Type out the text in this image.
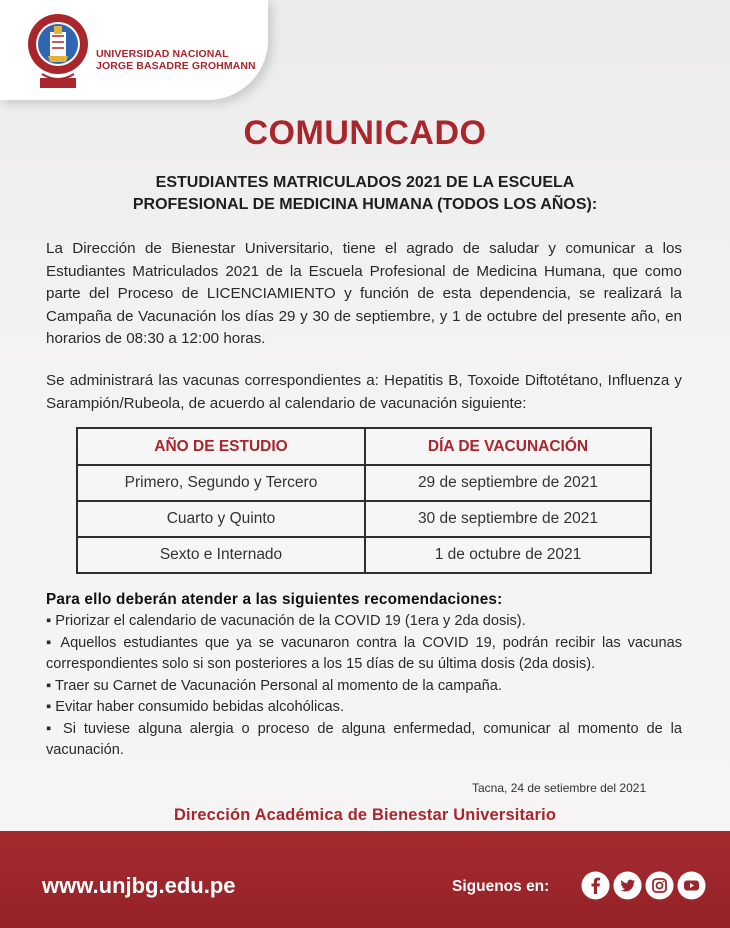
UNIVERSIDAD NACIONAL
JORGE BASADRE GROHMANN
COMUNICADO
ESTUDIANTES MATRICULADOS 2021 DE LA ESCUELA
PROFESIONAL DE MEDICINA HUMANA (TODOS LOS AÑOS):

La Dirección de Bienestar Universitario, tiene el agrado de saludar y comunicar a los Estudiantes Matriculados 2021 de la Escuela Profesional de Medicina Humana, que como parte del Proceso de LICENCIAMIENTO y función de esta dependencia, se realizará la Campaña de Vacunación los días 29 y 30 de septiembre, y 1 de octubre del presente año, en horarios de 08:30 a 12:00 horas.

Se administrará las vacunas correspondientes a: Hepatitis B, Toxoide Diftotétano, Influenza y Sarampión/Rubeola, de acuerdo al calendario de vacunación siguiente:

AÑO DE ESTUDIO	DÍA DE VACUNACIÓN
Primero, Segundo y Tercero	29 de septiembre de 2021
Cuarto y Quinto	30 de septiembre de 2021
Sexto e Internado	1 de octubre de 2021
Para ello deberán atender a las siguientes recomendaciones:

▪ Priorizar el calendario de vacunación de la COVID 19 (1era y 2da dosis).

▪ Aquellos estudiantes que ya se vacunaron contra la COVID 19, podrán recibir las vacunas correspondientes solo si son posteriores a los 15 días de su última dosis (2da dosis).

▪ Traer su Carnet de Vacunación Personal al momento de la campaña.

▪ Evitar haber consumido bebidas alcohólicas.

▪ Si tuviese alguna alergia o proceso de alguna enfermedad, comunicar al momento de la vacunación.

Tacna, 24 de setiembre del 2021
Dirección Académica de Bienestar Universitario
www.unjbg.edu.pe	Siguenos en:
